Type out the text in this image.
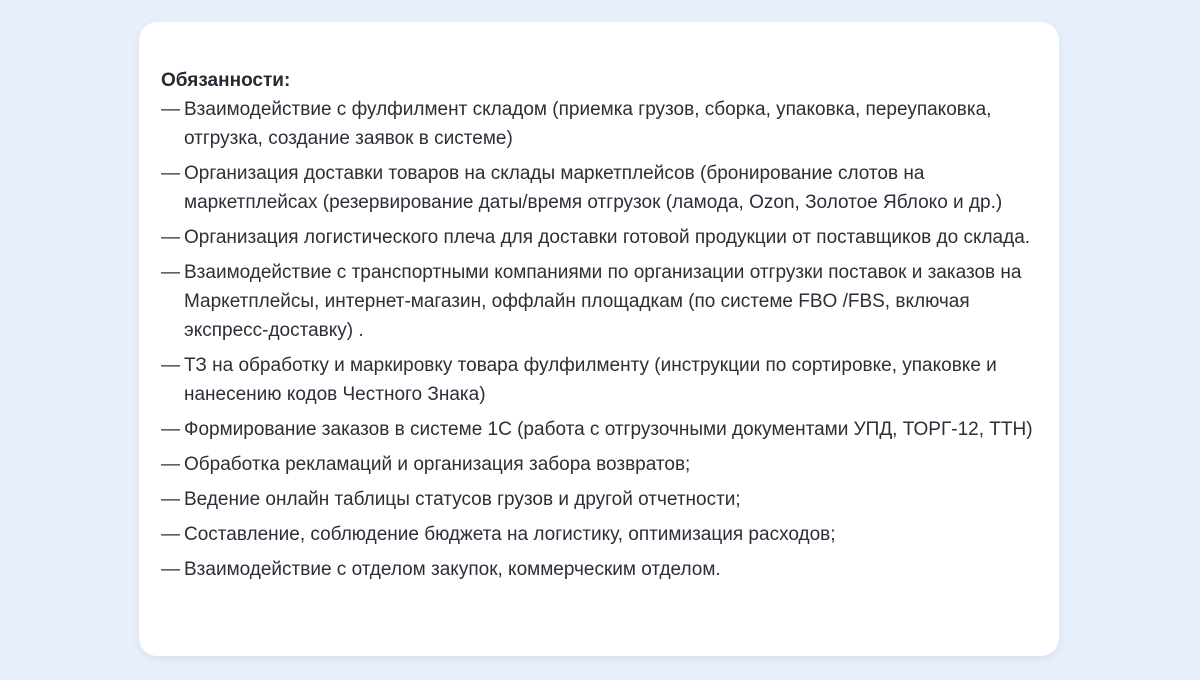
Обязанности:
— Взаимодействие с фулфилмент складом (приемка грузов, сборка, упаковка, переупаковка, отгрузка, создание заявок в системе)
— Организация доставки товаров на склады маркетплейсов (бронирование слотов на маркетплейсах (резервирование даты/время отгрузок (ламода, Ozon, Золотое Яблоко и др.)
— Организация логистического плеча для доставки готовой продукции от поставщиков до склада.
— Взаимодействие с транспортными компаниями по организации отгрузки поставок и заказов на Маркетплейсы, интернет-магазин, оффлайн площадкам (по системе FBO /FBS, включая экспресс-доставку) .
— ТЗ на обработку и маркировку товара фулфилменту (инструкции по сортировке, упаковке и нанесению кодов Честного Знака)
— Формирование заказов в системе 1С (работа с отгрузочными документами УПД, ТОРГ-12, ТТН)
— Обработка рекламаций и организация забора возвратов;
— Ведение онлайн таблицы статусов грузов и другой отчетности;
— Составление, соблюдение бюджета на логистику, оптимизация расходов;
— Взаимодействие с отделом закупок, коммерческим отделом.
